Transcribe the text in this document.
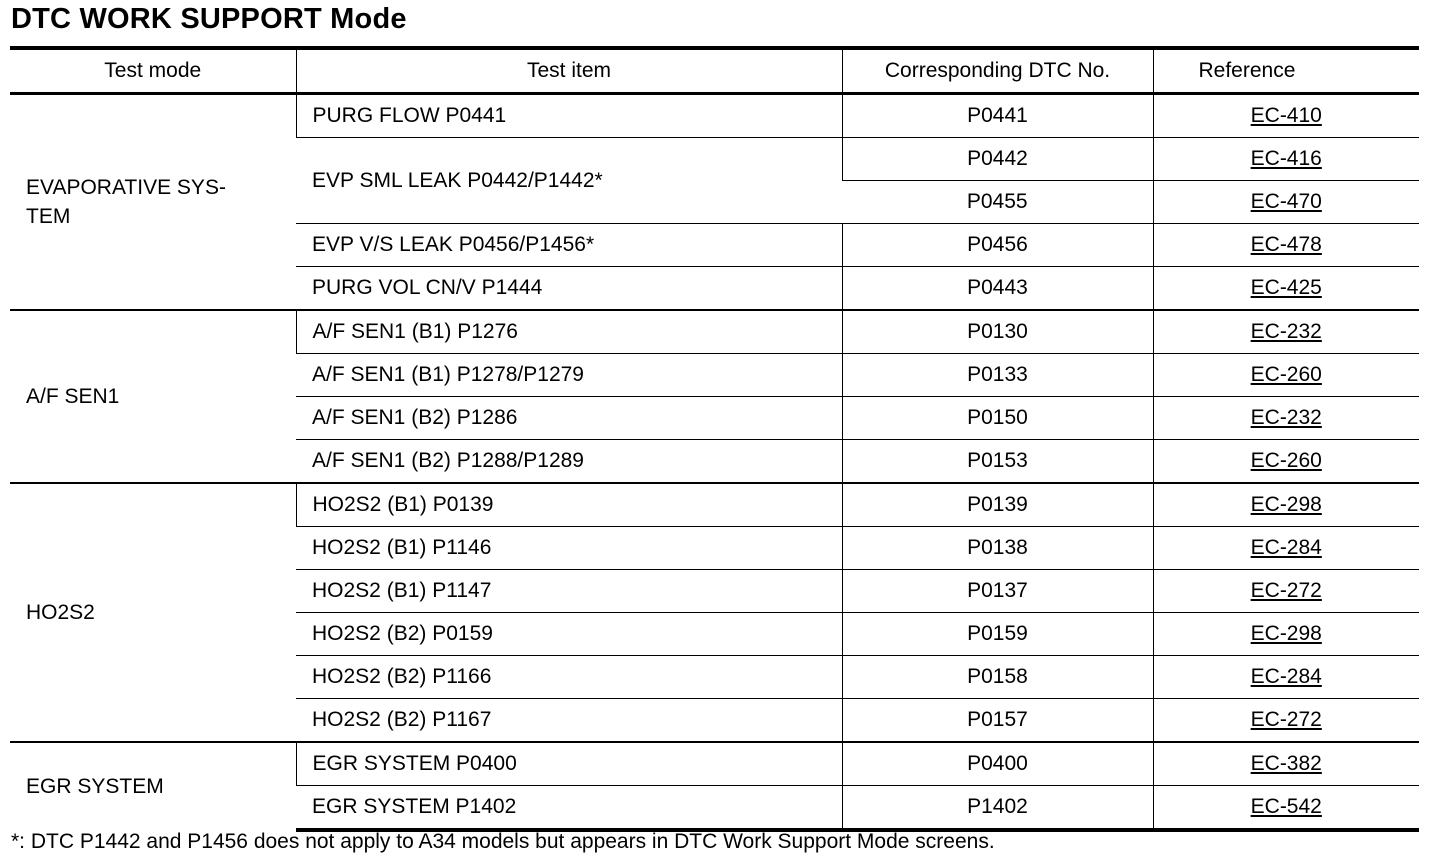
DTC WORK SUPPORT Mode
Test mode	Test item	Corresponding DTC No.	Reference

EVAPORATIVE SYS-
TEM	PURG FLOW P0441	P0441	EC-410
	EVP SML LEAK P0442/P1442*	P0442	EC-416
		P0455	EC-470
	EVP V/S LEAK P0456/P1456*	P0456	EC-478
	PURG VOL CN/V P1444	P0443	EC-425
A/F SEN1	A/F SEN1 (B1) P1276	P0130	EC-232
	A/F SEN1 (B1) P1278/P1279	P0133	EC-260
	A/F SEN1 (B2) P1286	P0150	EC-232
	A/F SEN1 (B2) P1288/P1289	P0153	EC-260
HO2S2	HO2S2 (B1) P0139	P0139	EC-298
	HO2S2 (B1) P1146	P0138	EC-284
	HO2S2 (B1) P1147	P0137	EC-272
	HO2S2 (B2) P0159	P0159	EC-298
	HO2S2 (B2) P1166	P0158	EC-284
	HO2S2 (B2) P1167	P0157	EC-272
EGR SYSTEM	EGR SYSTEM P0400	P0400	EC-382
	EGR SYSTEM P1402	P1402	EC-542
*: DTC P1442 and P1456 does not apply to A34 models but appears in DTC Work Support Mode screens.
